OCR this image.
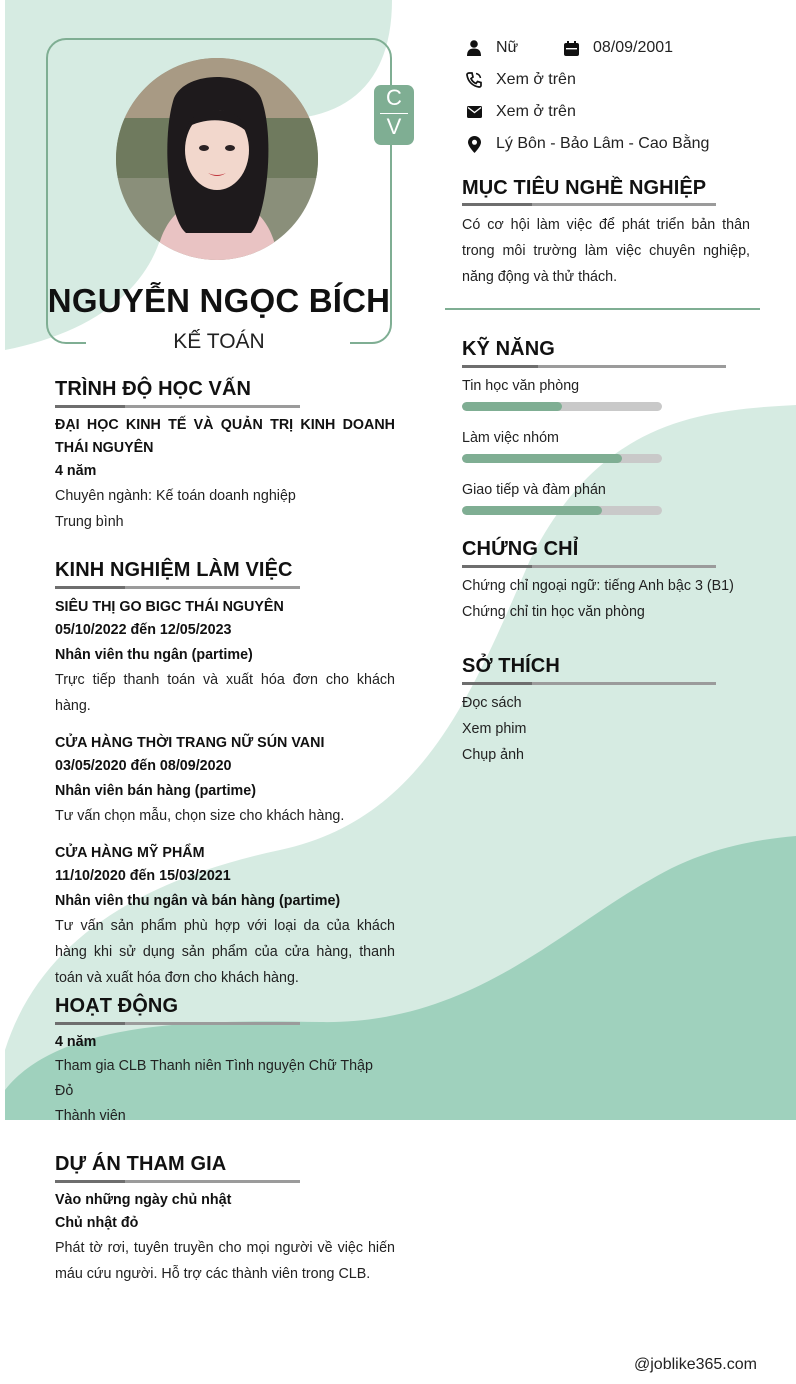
C
V
NGUYỄN NGỌC BÍCH
KẾ TOÁN
Nữ	08/09/2001
Xem ở trên
Xem ở trên
Lý Bôn - Bảo Lâm - Cao Bằng
MỤC TIÊU NGHỀ NGHIỆP
Có cơ hội làm việc để phát triển bản thân trong môi trường làm việc chuyên nghiệp, năng động và thử thách.
KỸ NĂNG
Tin học văn phòng
Làm việc nhóm
Giao tiếp và đàm phán
CHỨNG CHỈ
Chứng chỉ ngoại ngữ: tiếng Anh bậc 3 (B1)
Chứng chỉ tin học văn phòng
SỞ THÍCH
Đọc sách
Xem phim
Chụp ảnh
TRÌNH ĐỘ HỌC VẤN
ĐẠI HỌC KINH TẾ VÀ QUẢN TRỊ KINH DOANH THÁI NGUYÊN
4 năm
Chuyên ngành: Kế toán doanh nghiệp
Trung bình
KINH NGHIỆM LÀM VIỆC
SIÊU THỊ GO BIGC THÁI NGUYÊN
05/10/2022 đến 12/05/2023
Nhân viên thu ngân (partime)
Trực tiếp thanh toán và xuất hóa đơn cho khách hàng.
CỬA HÀNG THỜI TRANG NỮ SÚN VANI
03/05/2020 đến 08/09/2020
Nhân viên bán hàng (partime)
Tư vấn chọn mẫu, chọn size cho khách hàng.
CỬA HÀNG MỸ PHẨM
11/10/2020 đến 15/03/2021
Nhân viên thu ngân và bán hàng (partime)
Tư vấn sản phẩm phù hợp với loại da của khách hàng khi sử dụng sản phẩm của cửa hàng, thanh toán và xuất hóa đơn cho khách hàng.
HOẠT ĐỘNG
4 năm
Tham gia CLB Thanh niên Tình nguyện Chữ Thập Đỏ
Thành viên
DỰ ÁN THAM GIA
Vào những ngày chủ nhật
Chủ nhật đỏ
Phát tờ rơi, tuyên truyền cho mọi người về việc hiến máu cứu người. Hỗ trợ các thành viên trong CLB.
@joblike365.com
